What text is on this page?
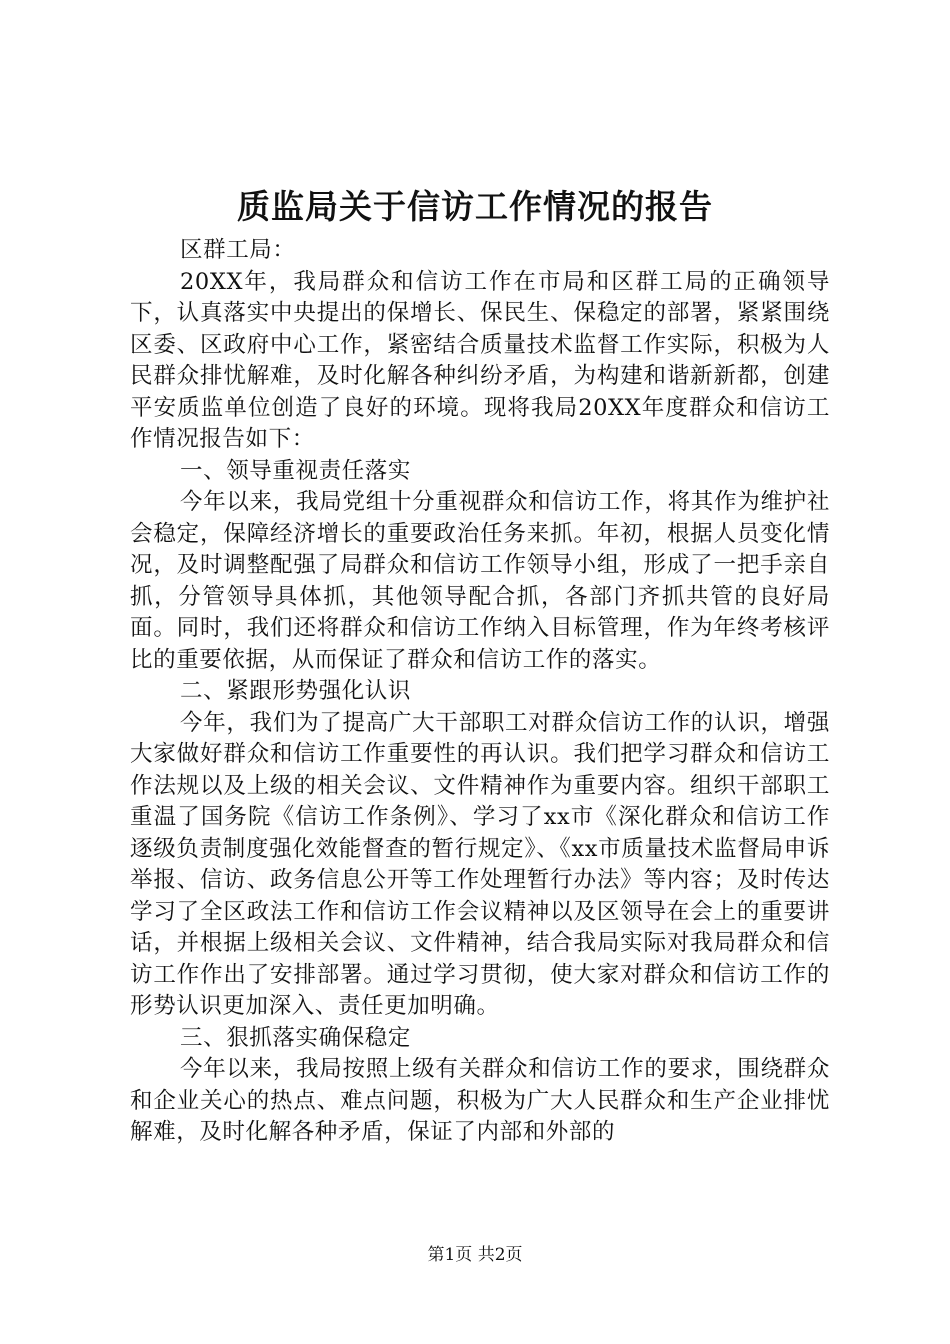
质监局关于信访工作情况的报告

区群工局：

20XX年，我局群众和信访工作在市局和区群工局的正确领导下，认真落实中央提出的保增长、保民生、保稳定的部署，紧紧围绕区委、区政府中心工作，紧密结合质量技术监督工作实际，积极为人民群众排忧解难，及时化解各种纠纷矛盾，为构建和谐新新都，创建平安质监单位创造了良好的环境。现将我局20XX年度群众和信访工作情况报告如下：

一、领导重视责任落实

今年以来，我局党组十分重视群众和信访工作，将其作为维护社会稳定，保障经济增长的重要政治任务来抓。年初，根据人员变化情况，及时调整配强了局群众和信访工作领导小组，形成了一把手亲自抓，分管领导具体抓，其他领导配合抓，各部门齐抓共管的良好局面。同时，我们还将群众和信访工作纳入目标管理，作为年终考核评比的重要依据，从而保证了群众和信访工作的落实。

二、紧跟形势强化认识

今年，我们为了提高广大干部职工对群众信访工作的认识，增强大家做好群众和信访工作重要性的再认识。我们把学习群众和信访工作法规以及上级的相关会议、文件精神作为重要内容。组织干部职工重温了国务院《信访工作条例》、学习了xx市《深化群众和信访工作逐级负责制度强化效能督查的暂行规定》、《xx市质量技术监督局申诉举报、信访、政务信息公开等工作处理暂行办法》等内容；及时传达学习了全区政法工作和信访工作会议精神以及区领导在会上的重要讲话，并根据上级相关会议、文件精神，结合我局实际对我局群众和信访工作作出了安排部署。通过学习贯彻，使大家对群众和信访工作的形势认识更加深入、责任更加明确。

三、狠抓落实确保稳定

今年以来，我局按照上级有关群众和信访工作的要求，围绕群众和企业关心的热点、难点问题，积极为广大人民群众和生产企业排忧解难，及时化解各种矛盾，保证了内部和外部的

第1页 共2页
